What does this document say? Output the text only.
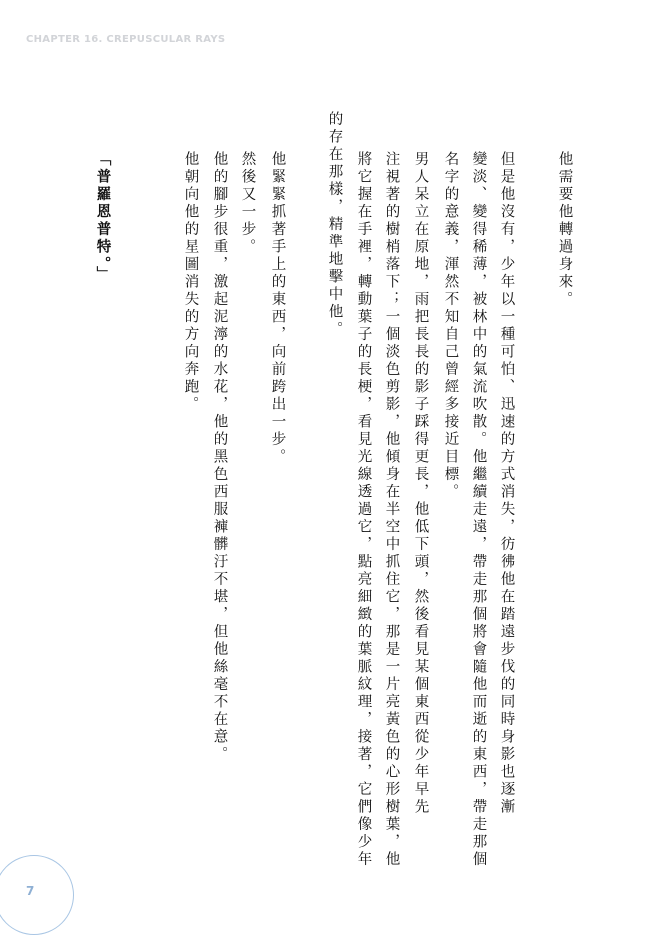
CHAPTER 16. CREPUSCULAR RAYS
他需要他轉過身來。
但是他沒有，少年以一種可怕、迅速的方式消失，彷彿他在踏遠步伐的同時身影也逐漸
變淡、變得稀薄，被林中的氣流吹散。他繼續走遠，帶走那個將會隨他而逝的東西，帶走那個
名字的意義，渾然不知自己曾經多接近目標。
男人呆立在原地，雨把長長的影子踩得更長，他低下頭，然後看見某個東西從少年早先
注視著的樹梢落下；一個淡色剪影，他傾身在半空中抓住它，那是一片亮黃色的心形樹葉，他
將它握在手裡，轉動葉子的長梗，看見光線透過它，點亮細緻的葉脈紋理，接著，它們像少年
的存在那樣，精準地擊中他。
他緊緊抓著手上的東西，向前跨出一步。
然後又一步。
他的腳步很重，激起泥濘的水花，他的黑色西服褲髒汙不堪，但他絲毫不在意。
他朝向他的星圖消失的方向奔跑。
「普羅恩普特。」
7
